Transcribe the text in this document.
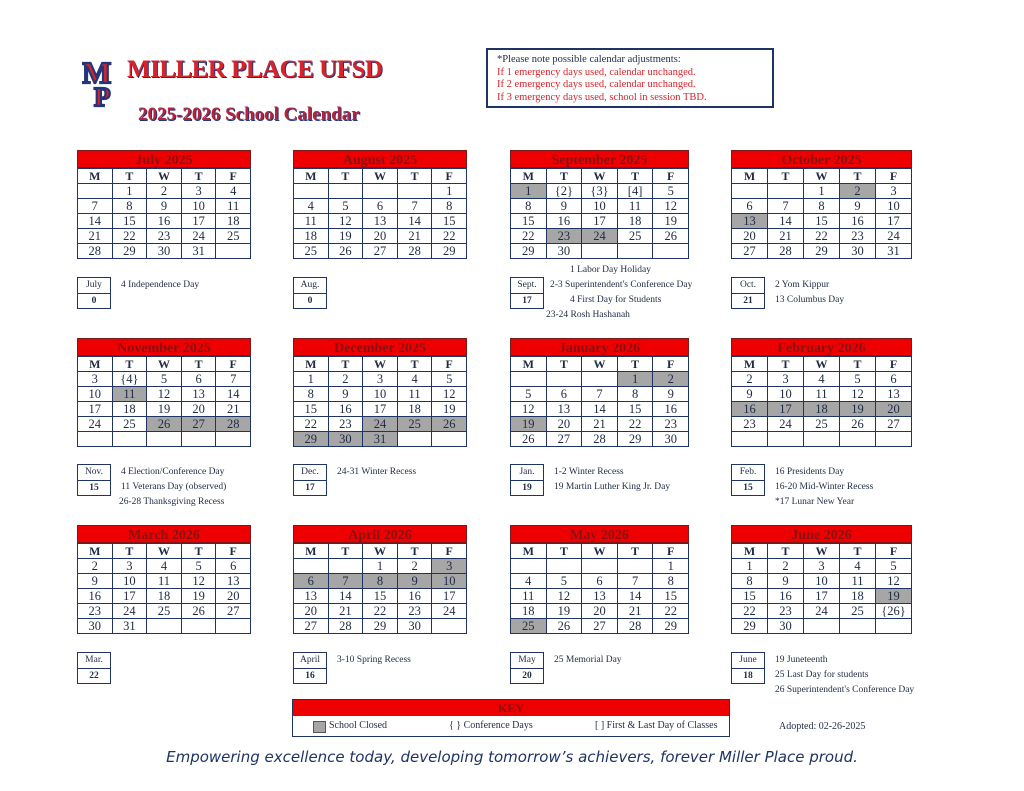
M
P
MILLER PLACE UFSD
2025-2026 School Calendar
*Please note possible calendar adjustments:
If 1 emergency days used, calendar unchanged.
If 2 emergency days used, calendar unchanged.
If 3 emergency days used, school in session TBD.
July 2025
M	T	W	T	F
	1	2	3	4
7	8	9	10	11
14	15	16	17	18
21	22	23	24	25
28	29	30	31	
July
0
4 Independence Day
August 2025
M	T	W	T	F
				1
4	5	6	7	8
11	12	13	14	15
18	19	20	21	22
25	26	27	28	29
Aug.
0
September 2025
M	T	W	T	F
1	{2}	{3}	[4]	5
8	9	10	11	12
15	16	17	18	19
22	23	24	25	26
29	30			
Sept.
17
1 Labor Day Holiday
2-3 Superintendent's Conference Day
4 First Day for Students
23-24 Rosh Hashanah
October 2025
M	T	W	T	F
		1	2	3
6	7	8	9	10
13	14	15	16	17
20	21	22	23	24
27	28	29	30	31
Oct.
21
2 Yom Kippur
13 Columbus Day
November 2025
M	T	W	T	F
3	{4}	5	6	7
10	11	12	13	14
17	18	19	20	21
24	25	26	27	28

Nov.
15
4 Election/Conference Day
11 Veterans Day (observed)
26-28 Thanksgiving Recess
December 2025
M	T	W	T	F
1	2	3	4	5
8	9	10	11	12
15	16	17	18	19
22	23	24	25	26
29	30	31		
Dec.
17
24-31 Winter Recess
January 2026
M	T	W	T	F
			1	2
5	6	7	8	9
12	13	14	15	16
19	20	21	22	23
26	27	28	29	30
Jan.
19
1-2 Winter Recess
19 Martin Luther King Jr. Day
February 2026
M	T	W	T	F
2	3	4	5	6
9	10	11	12	13
16	17	18	19	20
23	24	25	26	27

Feb.
15
16 Presidents Day
16-20 Mid-Winter Recess
*17 Lunar New Year
March 2026
M	T	W	T	F
2	3	4	5	6
9	10	11	12	13
16	17	18	19	20
23	24	25	26	27
30	31			
Mar.
22
April 2026
M	T	W	T	F
		1	2	3
6	7	8	9	10
13	14	15	16	17
20	21	22	23	24
27	28	29	30	
April
16
3-10 Spring Recess
May 2026
M	T	W	T	F
				1
4	5	6	7	8
11	12	13	14	15
18	19	20	21	22
25	26	27	28	29
May
20
25 Memorial Day
June 2026
M	T	W	T	F
1	2	3	4	5
8	9	10	11	12
15	16	17	18	19
22	23	24	25	{26}
29	30			
June
18
19 Juneteenth
25 Last Day for students
26 Superintendent's Conference Day
KEY
School Closed	{ } Conference Days	[ ] First & Last Day of Classes	Adopted: 02-26-2025
Empowering excellence today, developing tomorrow’s achievers, forever Miller Place proud.
